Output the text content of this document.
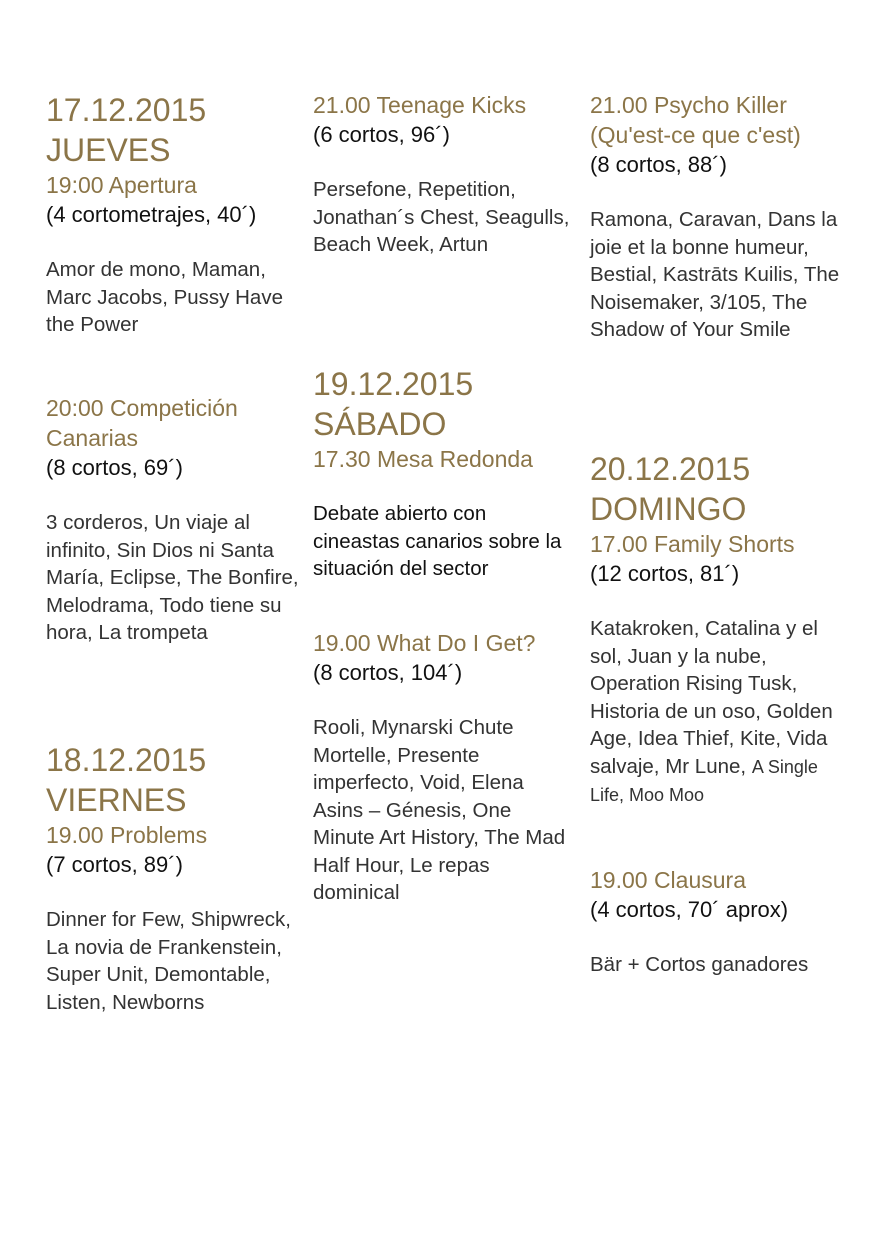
17.12.2015
JUEVES
19:00 Apertura
(4 cortometrajes, 40´)
Amor de mono, Maman, Marc Jacobs, Pussy Have the Power
20:00 Competición Canarias
(8 cortos, 69´)
3 corderos, Un viaje al infinito, Sin Dios ni Santa María, Eclipse, The Bonfire, Melodrama, Todo tiene su hora, La trompeta
18.12.2015
VIERNES
19.00 Problems
(7 cortos, 89´)
Dinner for Few, Shipwreck, La novia de Frankenstein, Super Unit, Demontable, Listen, Newborns
21.00 Teenage Kicks
(6 cortos, 96´)
Persefone, Repetition, Jonathan´s Chest, Seagulls, Beach Week, Artun
19.12.2015
SÁBADO
17.30 Mesa Redonda
Debate abierto con cineastas canarios sobre la situación del sector
19.00 What Do I Get?
(8 cortos, 104´)
Rooli, Mynarski Chute Mortelle, Presente imperfecto, Void, Elena Asins – Génesis, One Minute Art History, The Mad Half Hour, Le repas dominical
21.00 Psycho Killer (Qu'est-ce que c'est)
(8 cortos, 88´)
Ramona, Caravan, Dans la joie et la bonne humeur, Bestial, Kastrāts Kuilis, The Noisemaker, 3/105, The Shadow of Your Smile
20.12.2015
DOMINGO
17.00 Family Shorts
(12 cortos, 81´)
Katakroken, Catalina y el sol, Juan y la nube, Operation Rising Tusk, Historia de un oso, Golden Age, Idea Thief, Kite, Vida salvaje, Mr Lune, A Single Life, Moo Moo
19.00 Clausura
(4 cortos, 70´ aprox)
Bär + Cortos ganadores
